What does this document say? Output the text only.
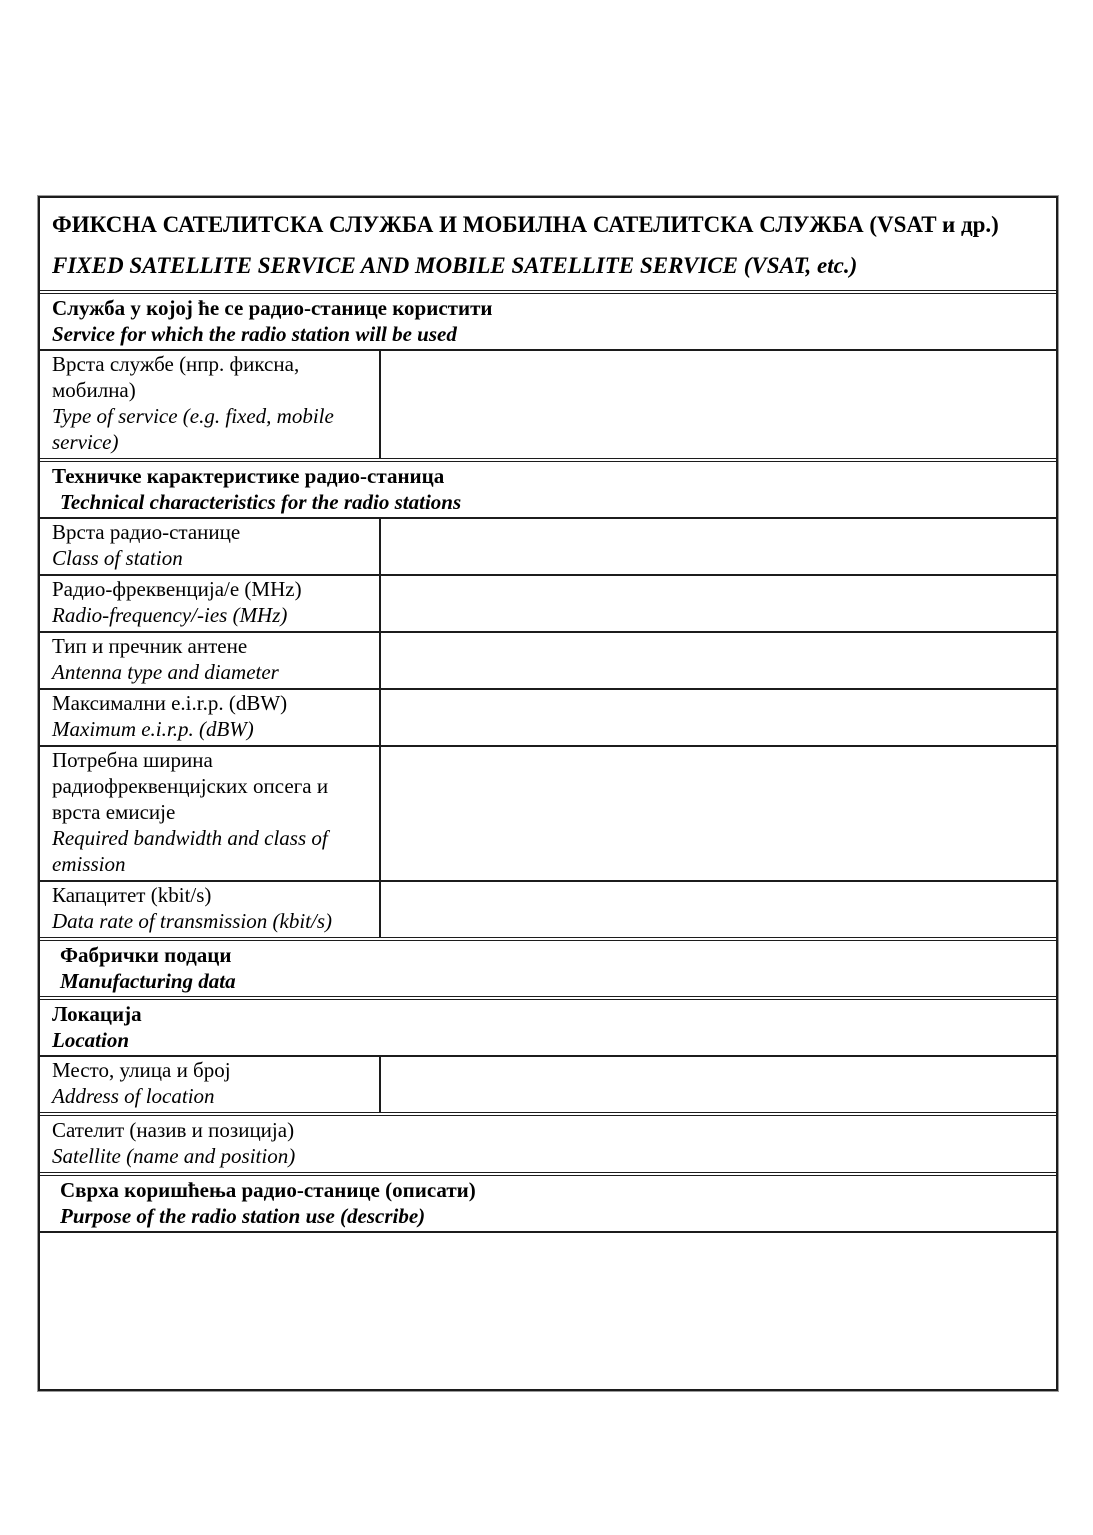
ФИКСНА САТЕЛИТСКА СЛУЖБА И МОБИЛНА САТЕЛИТСКА СЛУЖБА (VSAT и др.)
FIXED SATELLITE SERVICE AND MOBILE SATELLITE SERVICE (VSAT, etc.)
Служба у којој ће се радио-станице користити
Service for which the radio station will be used
Врста службе (нпр. фиксна, мобилна)
Type of service (e.g. fixed, mobile service)
Техничке карактеристике радио-станица
Technical characteristics for the radio stations
Врста радио-станице
Class of station
Радио-фреквенција/е (MHz)
Radio-frequency/-ies (MHz)
Тип и пречник антене
Antenna type and diameter
Максимални e.i.r.p. (dBW)
Maximum e.i.r.p. (dBW)
Потребна ширина радиофреквенцијских опсега и врста емисије
Required bandwidth and class of emission
Капацитет (kbit/s)
Data rate of transmission (kbit/s)
Фабрички подаци
Manufacturing data
Локација
Location
Место, улица и број
Address of location
Сателит (назив и позиција)
Satellite (name and position)
Сврха коришћења радио-станице (описати)
Purpose of the radio station use (describe)
